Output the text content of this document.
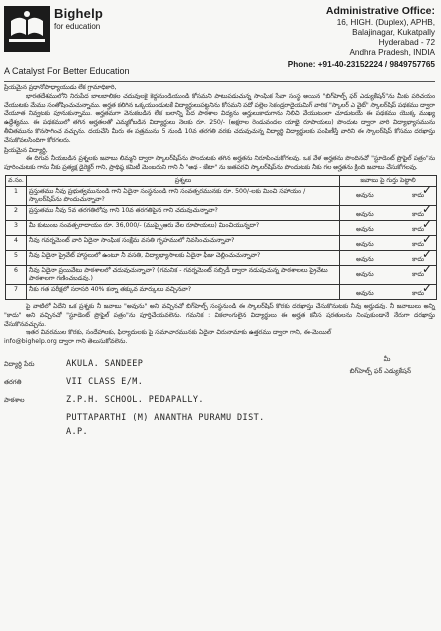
Bighelp
for education
A Catalyst For Better Education
Administrative Office:
16, HIGH. (Duplex), APHB,
Balajinagar, Kukatpally
Hyderabad - 72
Andhra Pradesh, INDIA
Phone: +91-40-23152224 / 9849757765

ప్రియమైన ప్రధానోపాధ్యాయుడు లేక గ్రామాధికారి,

భారతదేశములోని నిరుపేద బాలబాలికల చదువులకై కెద్దనుండియుండి కోసమని పాటుపడుచున్న సాంఘిక సేవా సంస్థ అయిన "బిగ్‌హెల్ప్ ఫర్ ఎడ్యుకేషన్"ను మీకు పరిచయం చేయుటకు మేము సంతోషించుచున్నాము. అర్హత కలిగిన ఒక్కయుండుటకే విద్యార్థులుపట్టనిను కోసమని పదో పల్లెల సెకండ్రరాదైయమిగ్ వారిక "స్కాలర్ ఎ వైట్" స్కాలర్‌షిప్ పథకము ద్వారా చేయూత నివ్వటకు పూనుకున్నాము. అర్హతమగా వెనుకబడిన లేక బలాన్ని పేద పాఠశాల విద్యను అర్హులుకాదుగాను నిలిచి వేయుటంలా చూడుటయే ఈ పథకము యొక్క ముఖ్య ఉద్దేశ్యము. ఈ పథకములో తగిన అర్హతలతో ఎమ్మకోబడిన విద్యార్థులు నెలకు రూ. 250/- (అక్షరాల రెండువందల యాభై రూపాయలు) పొందుట ద్వారా వారి విద్యాభ్యాసమును తీవితమును కొనసాగించ వచ్చును. దయచేసి మీరు ఈ పత్రమును 5 నుండి 10వ తరగతి వరకు చదువుచున్న విద్యార్థి విద్యార్థులకు పంపిణీస్తే వారిని ఈ స్కాలర్‌షిప్ కోసము దరఖాస్తు చేసుకొవలసిందిగా కోరగలరు.

ప్రియమైన విద్యార్థి,

ఈ దిగువ నీయబడిన ప్రశ్నలకు జవాబు లిమ్మని ద్వారా స్కాలర్‌షిప్‌ను పొందుటకు తగిన అర్హతను నిరూపించుకోగలవు. ఒక వేళ అర్హతను పొందినచో "స్టూడెంట్ ప్రొఫైల్ పత్రం"ను పూరించుటకు గాను నీకు ప్రత్యక్ష డైరెక్టర్ గాని, ప్రాథిష్ఠ కమిటీ మెంబరుని గాని నీ "అథ - జేటా" ను జతపరచి స్కాలర్‌షిప్‌ను పొందుటకు నీకు గల అర్హతను క్రింది జవాబు చేసుకోగలవు.

వ.సం.	ప్రశ్నలు	జవాబు పై గుర్తు పెట్టాలి
1	ప్రస్తుతము నీవు ప్రభుత్వమునుండి గాని ఏదైనా సంస్థనుండి గాని సంవత్సరమునకు రూ. 500/-లకు మించి సహాయం / స్కాలర్‌షిప్‌ను పొందుచున్నావా?	అవును కాదు
✓

2	ప్రస్తుతము నీవు 5వ తరగతిలోపు గాని 10వ తరగతిపైన గాని చదువుచున్నావా?	అవును కాదు
✓

3	మీ కుటుంబ సంవత్సరాదాయం రూ. 36,000/- (ముప్పైఆరు వేల రూపాయలు) మించియున్నదా?	అవును కాదు
✓

4	నీవు గవర్నమెంట్ వారి ఏదైనా సాంఘిక సంక్షేమ వసతి గృహములో నివసించుచున్నావా?	అవును కాదు
✓

5	నీవు ఏదైనా ప్రైవేట్ హాస్టలులో ఉంటూ నీ వసతి, విద్యాభ్యాసాలకు ఏదైనా ఫీజు చెల్లించుచున్నావా?	అవును కాదు
✓

6	నీవు ఏదైనా ప్రయివేటు పాఠశాలలో చదువుచున్నావా? (గమనిక - గవర్నమెంట్ సబ్సిడీ ద్వారా నడుపుచున్న పాఠశాలలు ప్రైవేటు పాఠశాలగా గణించబడవు.)	అవును కాదు
✓

7	నీకు గత పరీక్షలో సరాసరి 40% కన్నా తక్కువ మార్కులు వచ్చినవా?	అవును కాదు
✓

పై వాటిలో ఏదేని ఒక ప్రశ్నకు నీ జవాబు "అవును" అని వచ్చినచో బిగ్‌హెల్ప్ సంస్థనుండి ఈ స్కాలర్‌షిప్ కొరకు దరఖాస్తు చేసుకొనుటకు నీవు అర్హుడవు. నీ జవాబులు అన్ని "కాదు" అని వచ్చినచో "స్టూడెంట్ ప్రొఫైల్ పత్రం"ను పూర్తిచేయవలెను. గమనిక : వికలాంగులైన విద్యార్థులు ఈ అర్హత కనీస షరతులను నింపుకుండానే నేరుగా దరఖాస్తు చేసుకొనవచ్చును.

ఇతర వివరముల కొరకు, సందేహాలకు, ఫిర్యాదులకు పై సమాచారమునకు ఏదైనా చిరునామాకు ఉత్తరము ద్వారా గాని, ఈ-మెయిల్

info@bighelp.org ద్వారా గాని తెలుసుకోవలెను.

విద్యార్థి పేరు	AKULA. SANDEEP
తరగతి	VII CLASS E/M.
పాఠశాల	Z.P.H. SCHOOL. PEDAPALLY.
PUTTAPARTHI (M) ANANTHA PURAMU DIST.
A.P.
మీ
బిగ్‌హెల్ప్ ఫర్ ఎడ్యుకేషన్
